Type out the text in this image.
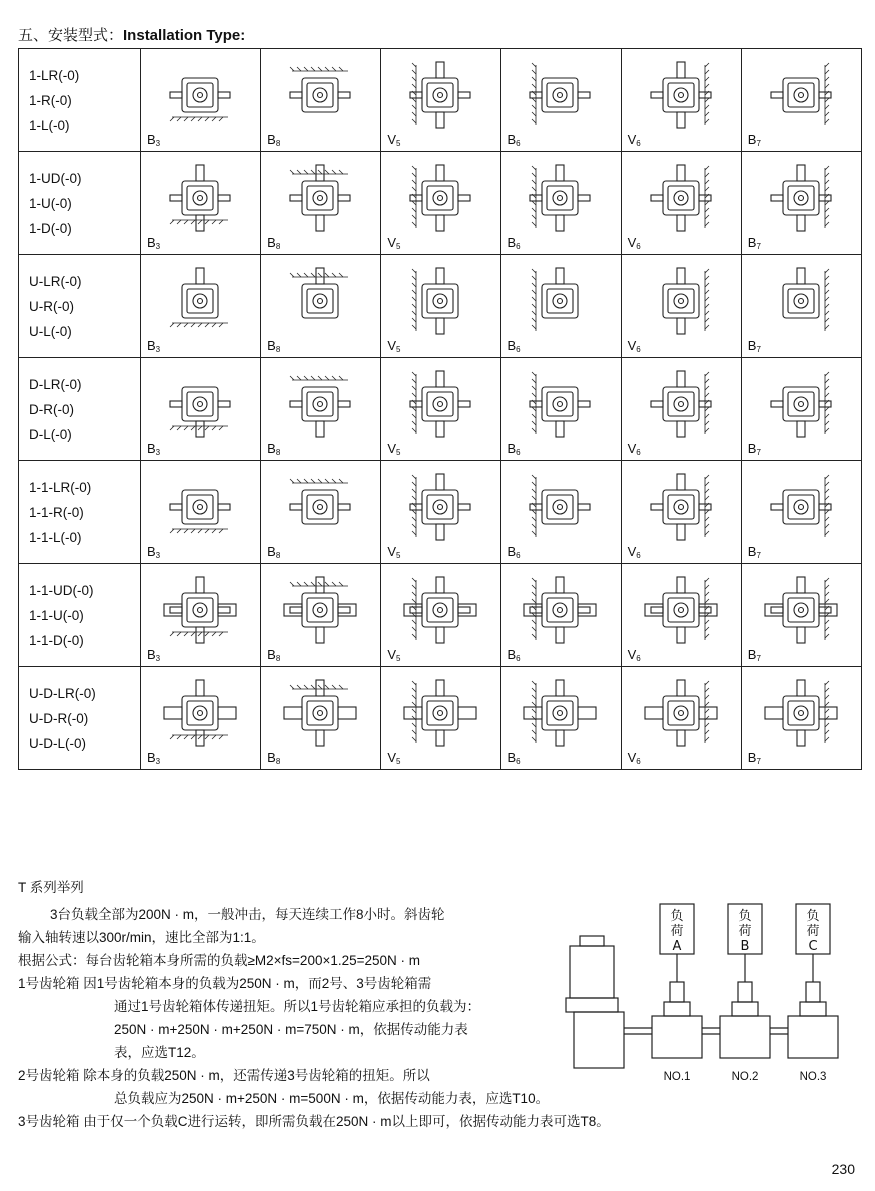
五、安装型式：Installation Type:
1-LR(-0)
1-R(-0)
1-L(-0)	$B_3$	$B_8$	$V_5$	$B_6$	$V_6$	$B_7$

1-UD(-0)
1-U(-0)
1-D(-0)	$B_3$	$B_8$	$V_5$	$B_6$	$V_6$	$B_7$

U-LR(-0)
U-R(-0)
U-L(-0)	$B_3$	$B_8$	$V_5$	$B_6$	$V_6$	$B_7$

D-LR(-0)
D-R(-0)
D-L(-0)	$B_3$	$B_8$	$V_5$	$B_6$	$V_6$	$B_7$

1-1-LR(-0)
1-1-R(-0)
1-1-L(-0)	$B_3$	$B_8$	$V_5$	$B_6$	$V_6$	$B_7$

1-1-UD(-0)
1-1-U(-0)
1-1-D(-0)	$B_3$	$B_8$	$V_5$	$B_6$	$V_6$	$B_7$

U-D-LR(-0)
U-D-R(-0)
U-D-L(-0)	$B_3$	$B_8$	$V_5$	$B_6$	$V_6$	$B_7$
T 系列举列
3台负载全部为200N · m，一般冲击，每天连续工作8小时。斜齿轮
输入轴转速以300r/min，速比全部为1:1。
根据公式：每台齿轮箱本身所需的负载≥M2×fs=200×1.25=250N · m
1号齿轮箱 因1号齿轮箱本身的负载为250N · m，而2号、3号齿轮箱需
通过1号齿轮箱体传递扭矩。所以1号齿轮箱应承担的负载为：
250N · m+250N · m+250N · m=750N · m，依据传动能力表
表，应选T12。
2号齿轮箱 除本身的负载250N · m，还需传递3号齿轮箱的扭矩。所以
总负载应为250N · m+250N · m=500N · m，依据传动能力表，应选T10。
3号齿轮箱 由于仅一个负载C进行运转，即所需负载在250N · m以上即可，依据传动能力表可选T8。
负
荷
A
负
荷
B
负
荷
C
NO.1	NO.2	NO.3
230
